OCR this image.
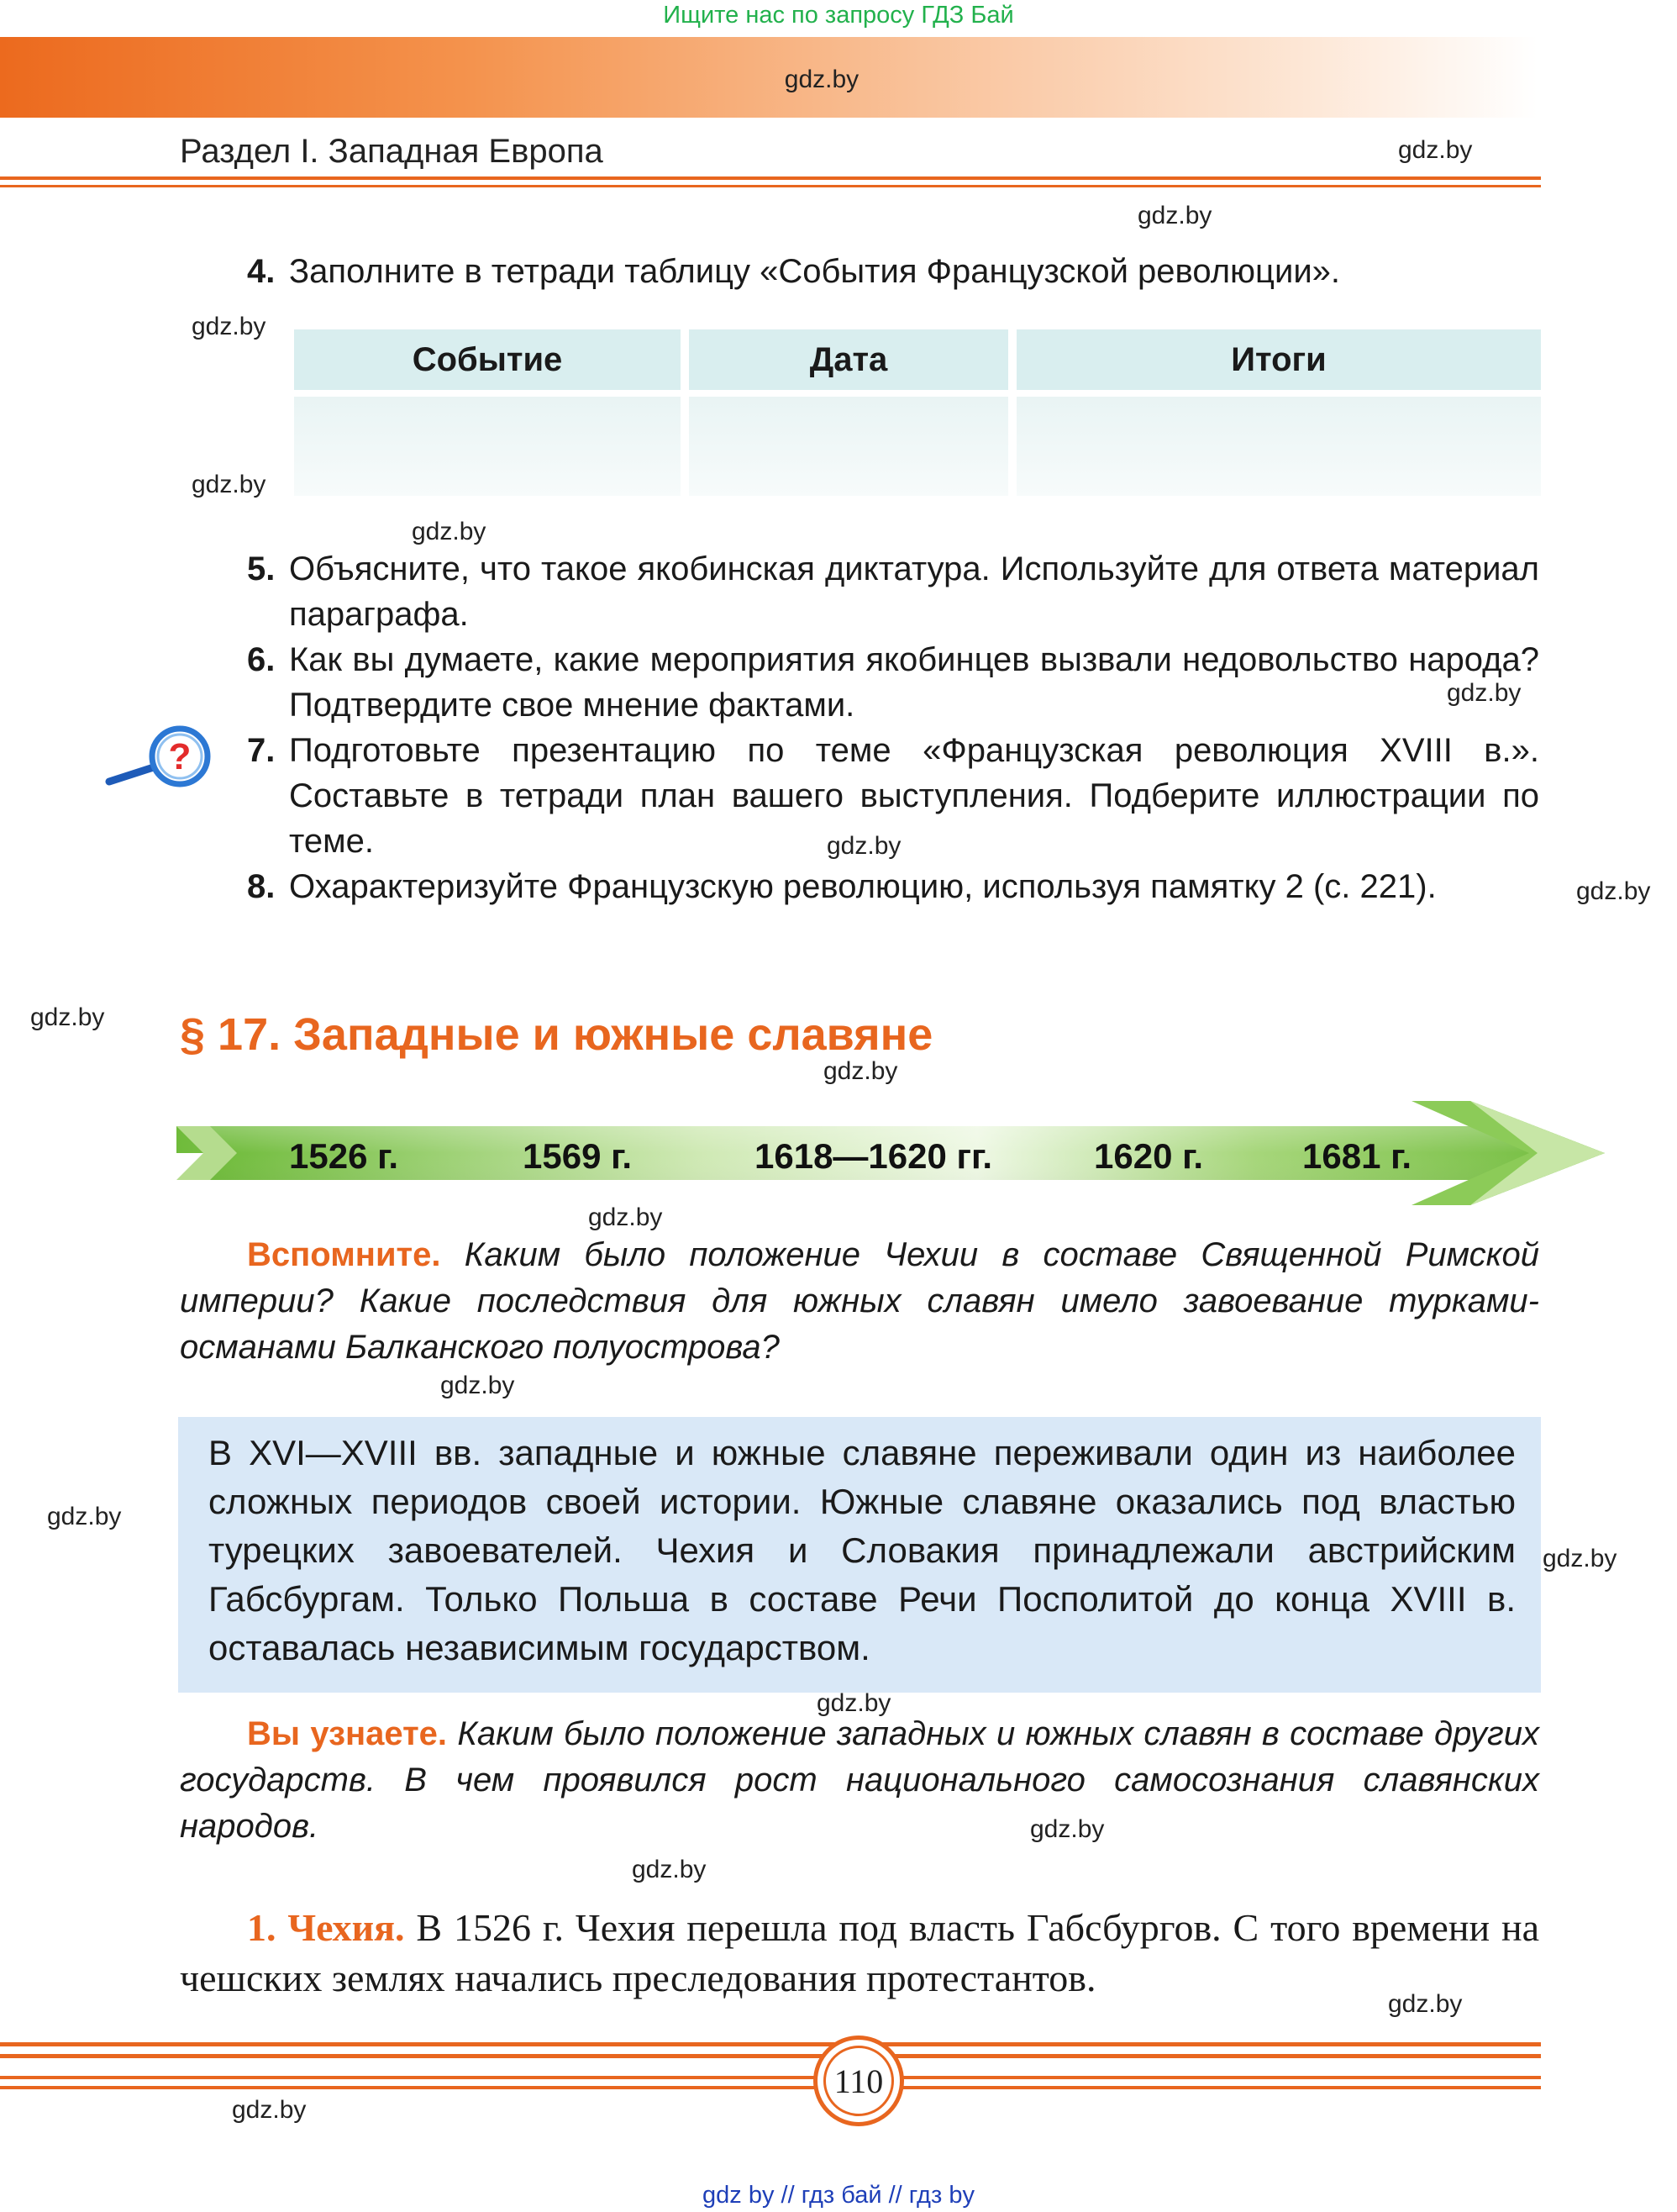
Ищите нас по запросу ГДЗ Бай
gdz.by
Раздел I. Западная Европа
4. Заполните в тетради таблицу «События Французской революции».
Событие	Дата	Итоги
5. Объясните, что такое якобинская диктатура. Используйте для ответа материал параграфа.
6. Как вы думаете, какие мероприятия якобинцев вызвали недовольство народа? Подтвердите свое мнение фактами.
7. Подготовьте презентацию по теме «Французская революция XVIII в.». Составьте в тетради план вашего выступления. Подберите иллюстрации по теме.
8. Охарактеризуйте Французскую революцию, используя памятку 2 (с. 221).
?
§ 17. Западные и южные славяне
1526 г.	1569 г.	1618—1620 гг.	1620 г.	1681 г.
Вспомните. Каким было положение Чехии в составе Священной Римской империи? Какие последствия для южных славян имело завоевание турками-османами Балканского полуострова?
В XVI—XVIII вв. западные и южные славяне переживали один из наиболее сложных периодов своей истории. Южные славяне оказались под властью турецких завоевателей. Чехия и Словакия принадлежали австрийским Габсбургам. Только Польша в составе Речи Посполитой до конца XVIII в. оставалась независимым государством.
Вы узнаете. Каким было положение западных и южных славян в составе других государств. В чем проявился рост национального самосознания славянских народов.
1. Чехия. В 1526 г. Чехия перешла под власть Габсбургов. С того времени на чешских землях начались преследования протестантов.
110
gdz by // гдз бай // гдз by
gdz.by
gdz.by
gdz.by
gdz.by
gdz.by
gdz.by
gdz.by
gdz.by
gdz.by
gdz.by
gdz.by
gdz.by
gdz.by
gdz.by
gdz.by
gdz.by
gdz.by
gdz.by
gdz.by
